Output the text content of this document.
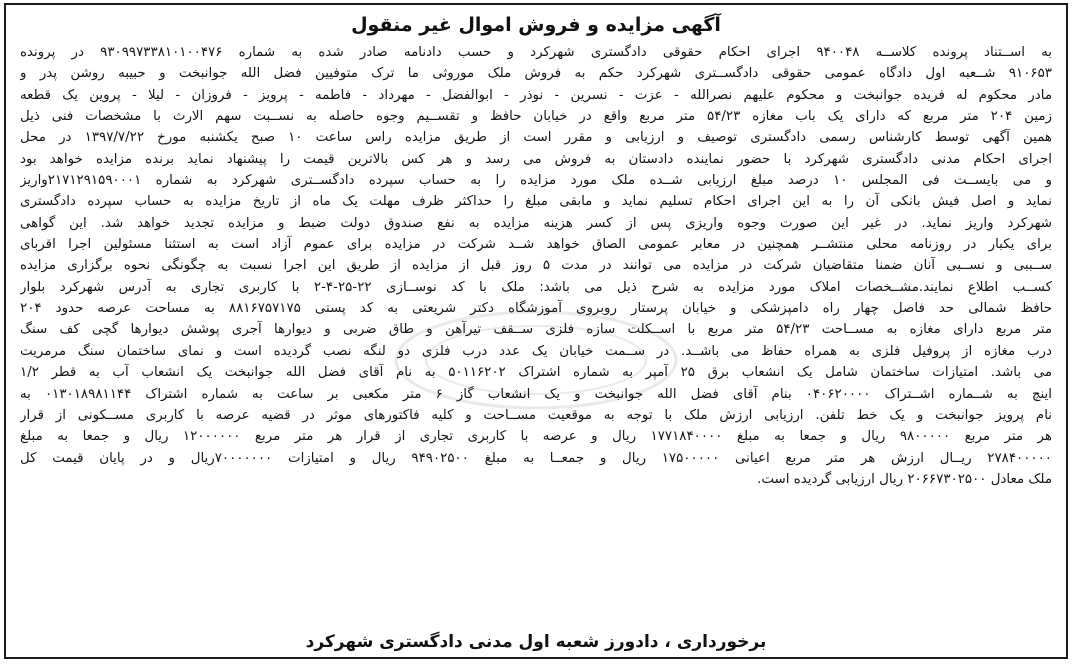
آگهی مزایده و فروش اموال غیر منقول
به اســتناد پرونده کلاســه ۹۴۰۰۴۸ اجرای احکام حقوقی دادگستری شهرکرد و حسب دادنامه صادر شده به شماره ۹۳۰۹۹۷۳۳۸۱۰۱۰۰۴۷۶ در پرونده
۹۱۰۶۵۳ شــعبه اول دادگاه عمومی حقوقی دادگســتری شهرکرد حکم به فروش ملک موروثی ما ترک متوفیین فضل الله جوانبخت و حبیبه روشن پدر و
مادر محکوم له فریده جوانبخت و محکوم علیهم نصرالله - عزت - نسرین - نوذر - ابوالفضل - مهرداد - فاطمه - پرویز - فروزان - لیلا - پروین یک قطعه
زمین ۲۰۴ متر مربع که دارای یک باب مغازه ۵۴/۲۳ متر مربع واقع در خیابان حافظ و تقســیم وجوه حاصله به نســبت سهم الارث با مشخصات فنی ذیل
همین آگهی توسط کارشناس رسمی دادگستری توصیف و ارزیابی و مقرر است از طریق مزایده راس ساعت ۱۰ صبح یکشنبه مورخ ۱۳۹۷/۷/۲۲ در محل
اجرای احکام مدنی دادگستری شهرکرد با حضور نماینده دادستان به فروش می رسد و هر کس بالاترین قیمت را پیشنهاد نماید برنده مزایده خواهد بود
و می بایســت فی المجلس ۱۰ درصد مبلغ ارزیابی شــده ملک مورد مزایده را به حساب سپرده دادگســتری شهرکرد به شماره ۲۱۷۱۲۹۱۵۹۰۰۰۱واریز
نماید و اصل فیش بانکی آن را به این اجرای احکام تسلیم نماید و مابقی مبلغ را حداکثر ظرف مهلت یک ماه از تاریخ مزایده به حساب سپرده دادگستری
شهرکرد واریز نماید. در غیر این صورت وجوه واریزی پس از کسر هزینه مزایده به نفع صندوق دولت ضبط و مزایده تجدید خواهد شد. این گواهی
برای یکبار در روزنامه محلی منتشــر همچنین در معابر عمومی الصاق خواهد شــد شرکت در مزایده برای عموم آزاد است به استثنا مسئولین اجرا اقربای
ســببی و نســبی آنان ضمنا متقاضیان شرکت در مزایده می توانند در مدت ۵ روز قبل از مزایده از طریق این اجرا نسبت به چگونگی نحوه برگزاری مزایده
کســب اطلاع نمایند.مشــخصات املاک مورد مزایده به شرح ذیل می باشد: ملک با کد نوســازی ۲۲-۲۵-۴-۲ با کاربری تجاری به آدرس شهرکرد بلوار
حافظ شمالی حد فاصل چهار راه دامپزشکی و خیابان پرستار روبروی آموزشگاه دکتر شریعتی به کد پستی ۸۸۱۶۷۵۷۱۷۵ به مساحت عرصه حدود ۲۰۴
متر مربع دارای مغازه به مســاحت ۵۴/۲۳ متر مربع با اســکلت سازه فلزی ســقف تیرآهن و طاق ضربی و دیوارها آجری پوشش دیوارها گچی کف سنگ
درب مغازه از پروفیل فلزی به همراه حفاظ می باشــد. در ســمت خیابان یک عدد درب فلزی دو لنگه نصب گردیده است و نمای ساختمان سنگ مرمریت
می باشد. امتیازات ساختمان شامل یک انشعاب برق ۲۵ آمپر به شماره اشتراک ۵۰۱۱۶۲۰۲ به نام آقای فضل الله جوانبخت یک انشعاب آب به قطر ۱/۲
اینچ به شــماره اشــتراک ۰۴۰۶۲۰۰۰۰ بنام آقای فضل الله جوانبخت و یک انشعاب گاز ۶ متر مکعبی بر ساعت به شماره اشتراک ۰۱۳۰۱۸۹۸۱۱۴۴ به
نام پرویز جوانبخت و یک خط تلفن. ارزیابی ارزش ملک با توجه به موقعیت مســاحت و کلیه فاکتورهای موثر در قضیه عرصه با کاربری مســکونی از قرار
هر متر مربع ۹۸۰۰۰۰۰ ریال و جمعا به مبلغ ۱۷۷۱۸۴۰۰۰۰ ریال و عرصه با کاربری تجاری از قرار هر متر مربع ۱۲۰۰۰۰۰۰ ریال و جمعا به مبلغ
۲۷۸۴۰۰۰۰۰ ریــال ارزش هر متر مربع اعیانی ۱۷۵۰۰۰۰۰ ریال و جمعــا به مبلغ ۹۴۹۰۲۵۰۰ ریال و امتیازات ۷۰۰۰۰۰۰۰ریال و در پایان قیمت کل
ملک معادل ۲۰۶۶۷۳۰۲۵۰۰ ریال ارزیابی گردیده است.
برخورداری ، دادورز شعبه اول مدنی دادگستری شهرکرد
